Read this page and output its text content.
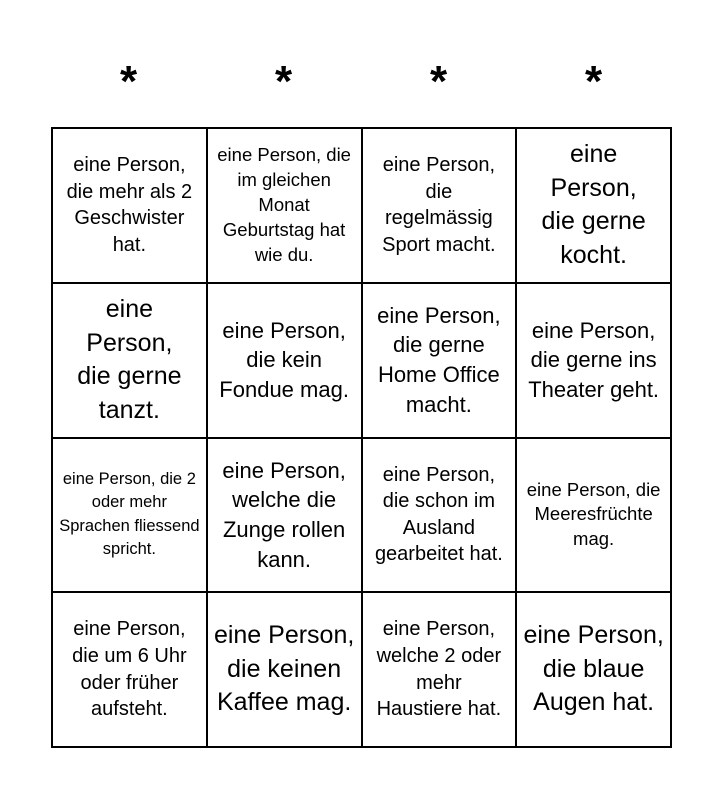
*	*	*	*
eine Person, die mehr als 2 Geschwister hat.
eine Person, die im gleichen Monat Geburtstag hat wie du.
eine Person, die regelmässig Sport macht.
eine Person, die gerne kocht.
eine Person, die gerne tanzt.
eine Person, die kein Fondue mag.
eine Person, die gerne Home Office macht.
eine Person, die gerne ins Theater geht.
eine Person, die 2 oder mehr Sprachen fliessend spricht.
eine Person, welche die Zunge rollen kann.
eine Person, die schon im Ausland gearbeitet hat.
eine Person, die Meeresfrüchte mag.
eine Person, die um 6 Uhr oder früher aufsteht.
eine Person, die keinen Kaffee mag.
eine Person, welche 2 oder mehr Haustiere hat.
eine Person, die blaue Augen hat.
